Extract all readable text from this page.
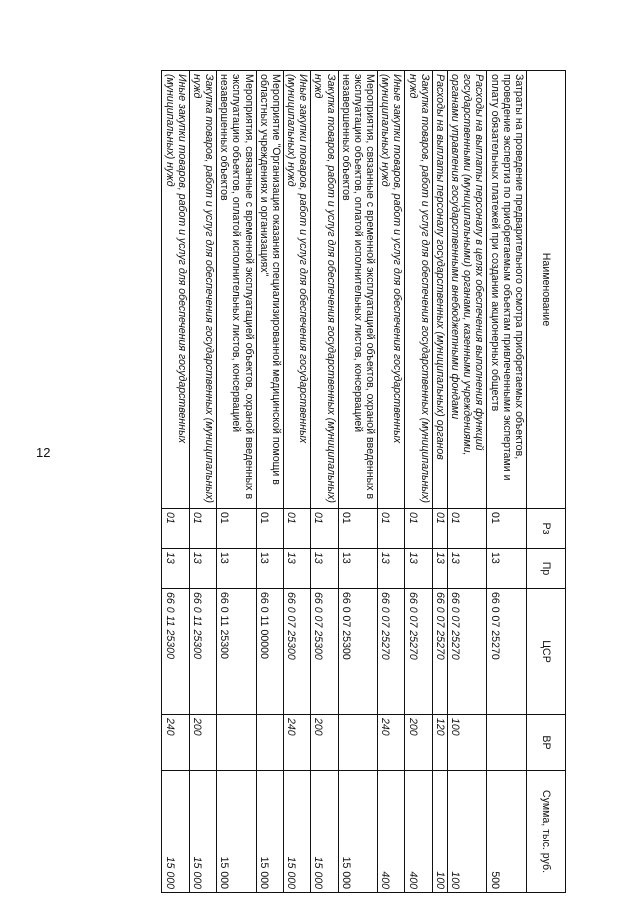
12
Наименование	Рз	Пр	ЦСР	ВР	Сумма, тыс. руб.
Затраты на проведение предварительного осмотра приобретаемых объектов, проведение экспертиз по приобретаемым объектам привлеченными экспертами и оплату обязательных платежей при создании акционерных обществ	01	13	66 0 07 25270		500
Расходы на выплаты персоналу в целях обеспечения выполнения функций государственными (муниципальными) органами, казенными учреждениями, органами управления государственными внебюджетными фондами	01	13	66 0 07 25270	100	100
Расходы на выплаты персоналу государственных (муниципальных) органов	01	13	66 0 07 25270	120	100
Закупка товаров, работ и услуг для обеспечения государственных (муниципальных) нужд	01	13	66 0 07 25270	200	400
Иные закупки товаров, работ и услуг для обеспечения государственных (муниципальных) нужд	01	13	66 0 07 25270	240	400
Мероприятия, связанные с временной эксплуатацией объектов, охраной введенных в эксплуатацию объектов, оплатой исполнительных листов, консервацией незавершенных объектов	01	13	66 0 07 25300		15 000
Закупка товаров, работ и услуг для обеспечения государственных (муниципальных) нужд	01	13	66 0 07 25300	200	15 000
Иные закупки товаров, работ и услуг для обеспечения государственных (муниципальных) нужд	01	13	66 0 07 25300	240	15 000
Мероприятие "Организация оказания специализированной медицинской помощи в областных учреждениях и организациях"	01	13	66 0 11 00000		15 000
Мероприятия, связанные с временной эксплуатацией объектов, охраной введенных в эксплуатацию объектов, оплатой исполнительных листов, консервацией незавершенных объектов	01	13	66 0 11 25300		15 000
Закупка товаров, работ и услуг для обеспечения государственных (муниципальных) нужд	01	13	66 0 11 25300	200	15 000
Иные закупки товаров, работ и услуг для обеспечения государственных (муниципальных) нужд	01	13	66 0 11 25300	240	15 000
